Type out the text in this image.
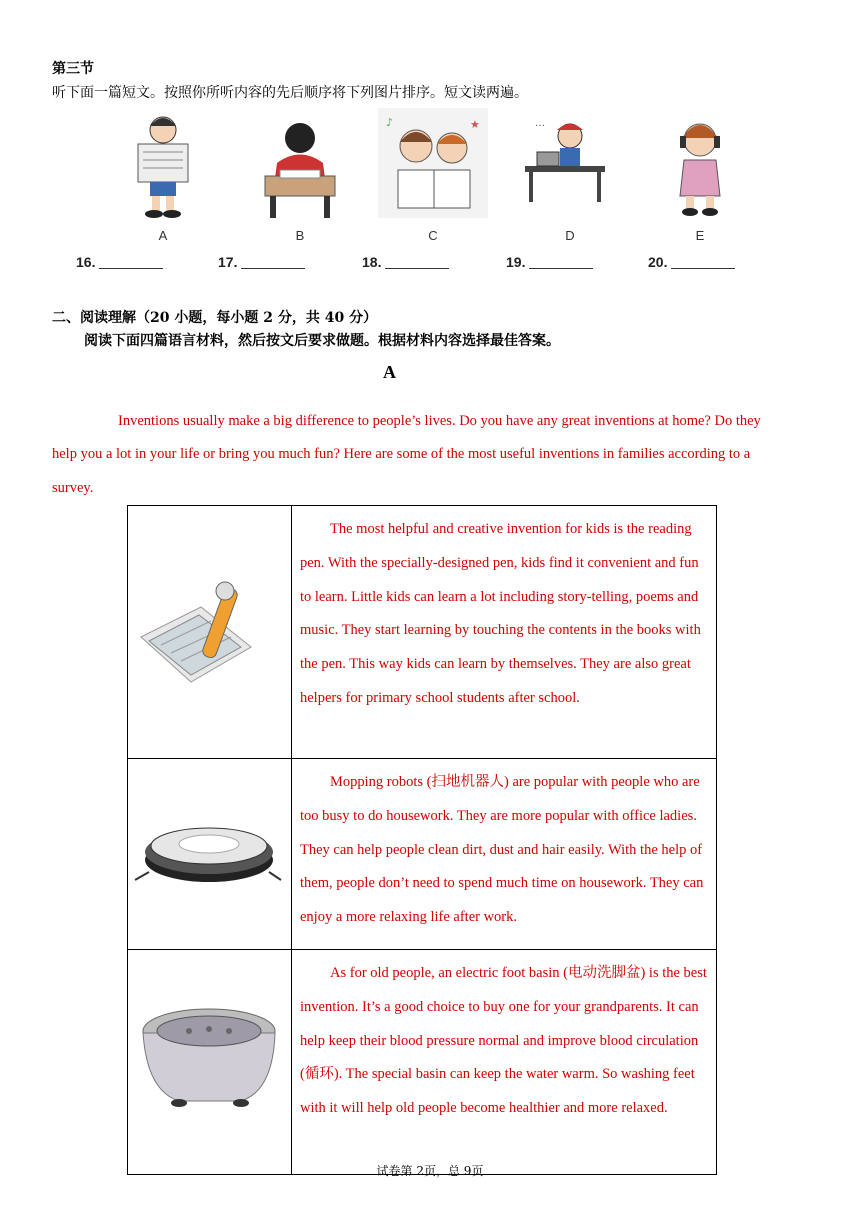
第三节
听下面一篇短文。按照你所听内容的先后顺序将下列图片排序。短文读两遍。
♪	★	…
A	B	C	D	E
16.	17.	18.	19.	20.
二、阅读理解（20 小题，每小题 2 分，共 40 分）
阅读下面四篇语言材料，然后按文后要求做题。根据材料内容选择最佳答案。
A
Inventions usually make a big difference to people’s lives. Do you have any great inventions at home? Do they
help you a lot in your life or bring you much fun? Here are some of the most useful inventions in families according to a
survey.

The most helpful and creative invention for kids is the reading pen. With the specially-designed pen, kids find it convenient and fun to learn. Little kids can learn a lot including story-telling, poems and music. They start learning by touching the contents in the books with the pen. This way kids can learn by themselves. They are also great helpers for primary school students after school.

Mopping robots (扫地机器人) are popular with people who are too busy to do housework. They are more popular with office ladies. They can help people clean dirt, dust and hair easily. With the help of them, people don’t need to spend much time on housework. They can enjoy a more relaxing life after work.

As for old people, an electric foot basin (电动洗脚盆) is the best invention. It’s a good choice to buy one for your grandparents. It can help keep their blood pressure normal and improve blood circulation (循环). The special basin can keep the water warm. So washing feet with it will help old people become healthier and more relaxed.
试卷第 2页，总 9页
